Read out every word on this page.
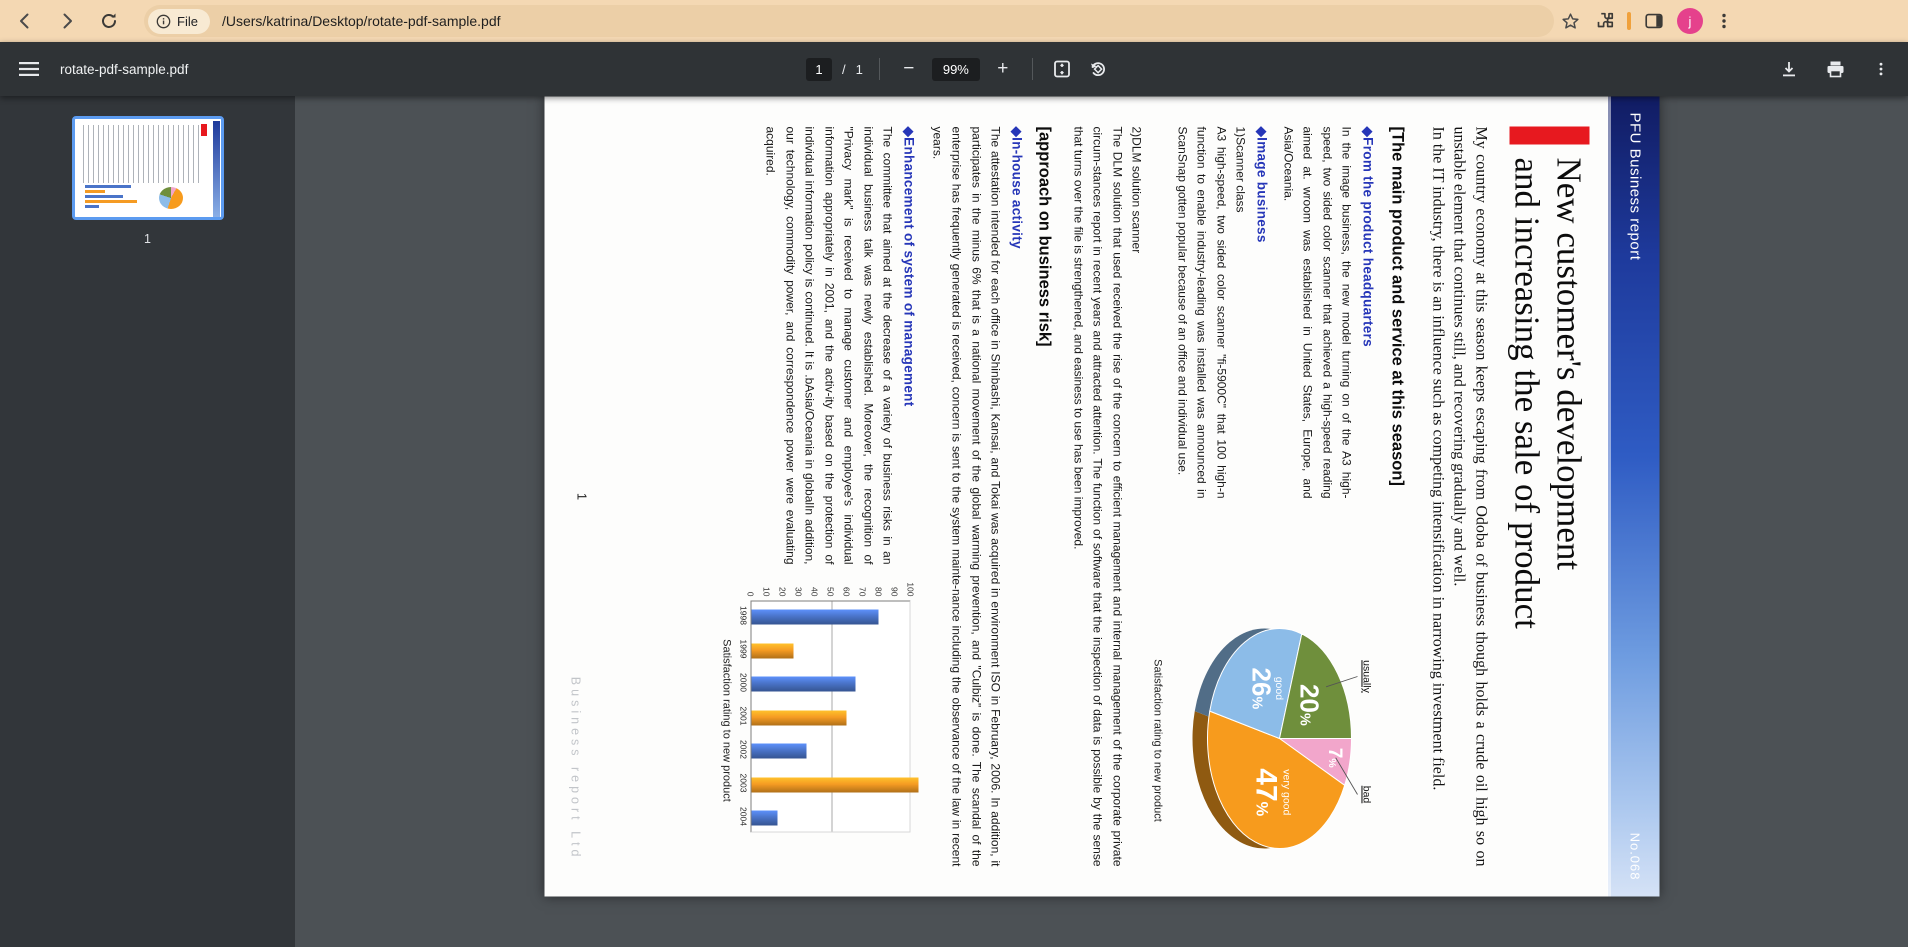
File /Users/katrina/Desktop/rotate-pdf-sample.pdf	j
rotate-pdf-sample.pdf	1	/ 1	−	99%	+
1	PFU Business report
No.068
New customer's development
and increasing the sale of product

My country economy at this season keeps escaping from Odoba of business though holds a crude oil high so on unstable element that continues still, and recovering gradually and well.

In the IT industry, there is an influence such as competing intensification in narrowing investment field.

[The main product and service at this season]
◆From the product headquarters
In the image business, the new model turning on of the A3 high-speed, two sided color scanner that achieved a high-speed reading aimed at. wroom was established in United States, Europe, and Asia/Oceania.
◆Image business
1)Scanner class
A3 high-speed, two sided color scanner "fi-5900C" that 100 high-n function to enable industry-leading was installed was announced in ScanSnap gotten popular because of an office and individual use.
7%
bad
47% very good
26%
good 20%
usually
Satisfaction rating to new product
2)DLM solution scanner
The DLM solution that used received the rise of the concern to efficient management and internal management of the corporate private circum-stances report in recent years and attracted attention. The function of software that the inspection of data is possible by the sense that turns over the file is strengthened, and easiness to use has been improved.
[approach on business risk]
◆In-house activity
The attestation intended for each office in Shinbashi, Kansai, and Tokai was acquired in environment ISO in February, 2006. In addition, it participates in the minus 6% that is a national movement of the global warming prevention, and "Culbiz" is done. The scandal of the enterprise has frequently generated is received, concern is sent to the system mainte-nance including the observance of the law in recent years.
◆Enhancement of system of management
The committee that aimed at the decrease of a variety of business risks in an individual business talk was newly established. Moreover, the recognition of "Privacy mark" is received to manage customer and employee's individual information appropriately in 2001, and the activ-ity based on the protection of individual information policy is continued. It is .bAsia/Oceania in globalIn addition, our technology, commodity power, and correspondence power were evaluating acquired.
0 10 20 30 40 50 60 70 80 90 100
1998
1999
2000
2001
2002
2003
2004
Satisfaction rating to new product
1
Business report Ltd
